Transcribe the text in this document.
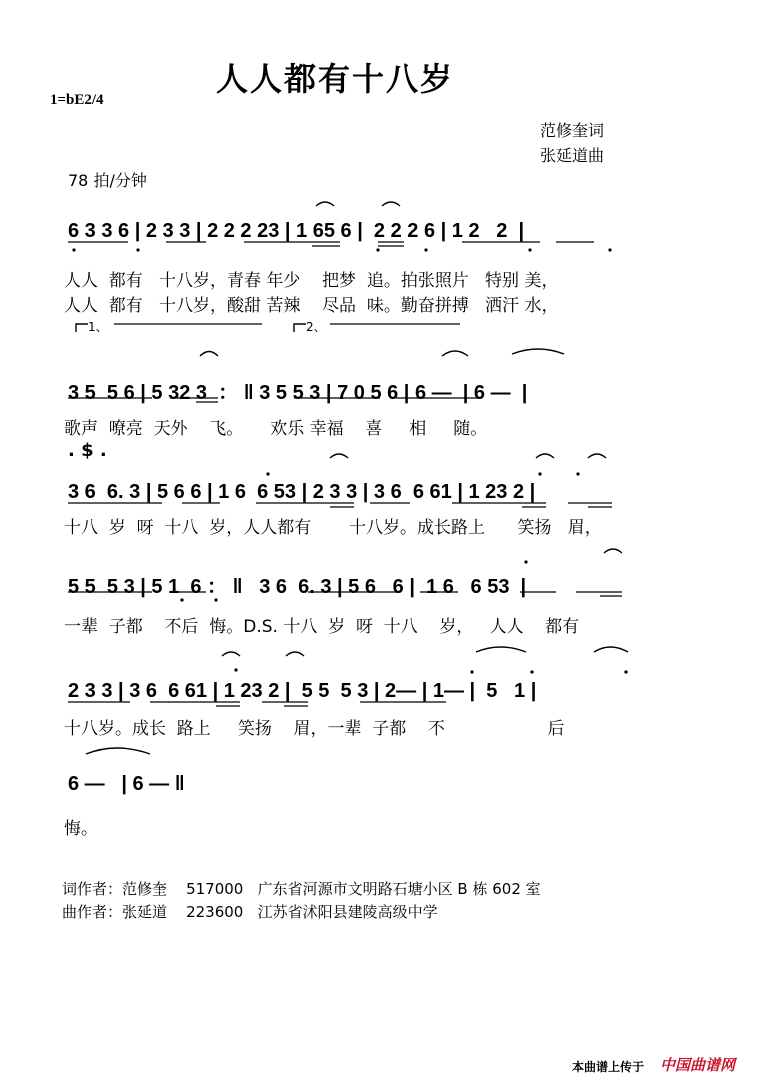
人人都有十八岁
1=bE2/4
范修奎词
张延道曲
78 拍/分钟
6 3 3 6 | 2 3 3 | 2 2 2 23 | 1 65 6 |  2 2 2 6 | 1 2   2  |
人人  都有   十八岁，青春 年少    把梦  追。拍张照片   特别 美，
人人  都有   十八岁，酸甜 苦辣    尽品  味。勤奋拼搏   洒汗 水，
1、	2、
3 5  5 6 | 5 32 3  ： ‖ 3 5 5 3 | 7 0 5 6 | 6 —  | 6 —  |
歌声  嘹亮  天外    飞。     欢乐 幸福    喜     相     随。
. $ .
3 6  6. 3 | 5 6 6 | 1 6  6 53 | 2 3 3 | 3 6  6 61 | 1 23 2 |
十八  岁  呀  十八  岁，人人都有       十八岁。成长路上      笑扬   眉，
5 5  5 3 | 5 1  6 ： ‖   3 6  6. 3 | 5 6   6 |  1 6   6 53  |
一辈  子都    不后  悔。D.S. 十八  岁  呀  十八    岁，   人人    都有
2 3 3 | 3 6  6 61 | 1 23 2 |  5 5  5 3 | 2— | 1— |  5   1 |
十八岁。成长  路上     笑扬    眉，一辈  子都    不                   后
6 —   | 6 — ‖
悔。
词作者：范修奎    517000   广东省河源市文明路石塘小区 B 栋 602 室
曲作者：张延道    223600   江苏省沭阳县建陵高级中学
本曲谱上传于 中国曲谱网
